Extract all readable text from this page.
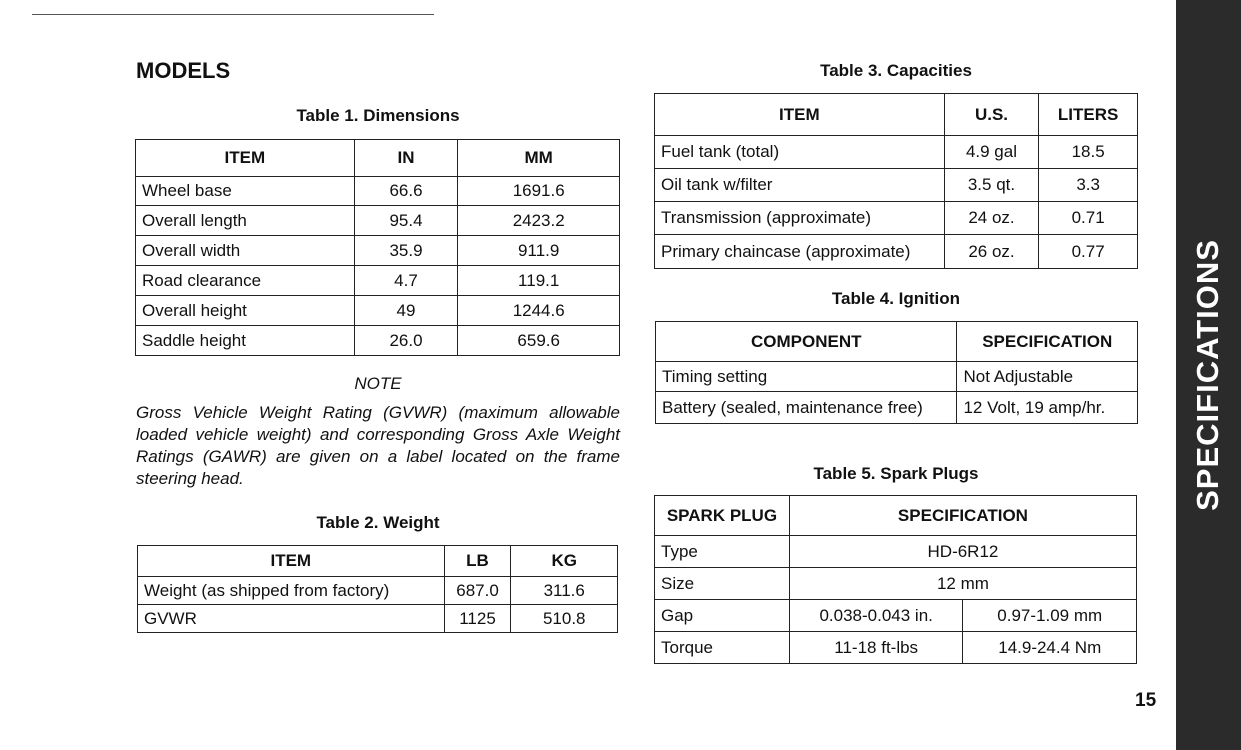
SPECIFICATIONS
MODELS
Table 1. Dimensions
ITEM	IN	MM
Wheel base	66.6	1691.6
Overall length	95.4	2423.2
Overall width	35.9	911.9
Road clearance	4.7	119.1
Overall height	49	1244.6
Saddle height	26.0	659.6
NOTE
Gross Vehicle Weight Rating (GVWR) (maximum allowable loaded vehicle weight) and corresponding Gross Axle Weight Ratings (GAWR) are given on a label located on the frame steering head.
Table 2. Weight
ITEM	LB	KG
Weight (as shipped from factory)	687.0	311.6
GVWR	1125	510.8
Table 3. Capacities
ITEM	U.S.	LITERS
Fuel tank (total)	4.9 gal	18.5
Oil tank w/filter	3.5 qt.	3.3
Transmission (approximate)	24 oz.	0.71
Primary chaincase (approximate)	26 oz.	0.77
Table 4. Ignition
COMPONENT	SPECIFICATION
Timing setting	Not Adjustable
Battery (sealed, maintenance free)	12 Volt, 19 amp/hr.
Table 5. Spark Plugs
SPARK PLUG	SPECIFICATION	
Type	HD-6R12	
Size	12 mm	
Gap	0.038-0.043 in.	0.97-1.09 mm
Torque	11-18 ft-lbs	14.9-24.4 Nm
15
